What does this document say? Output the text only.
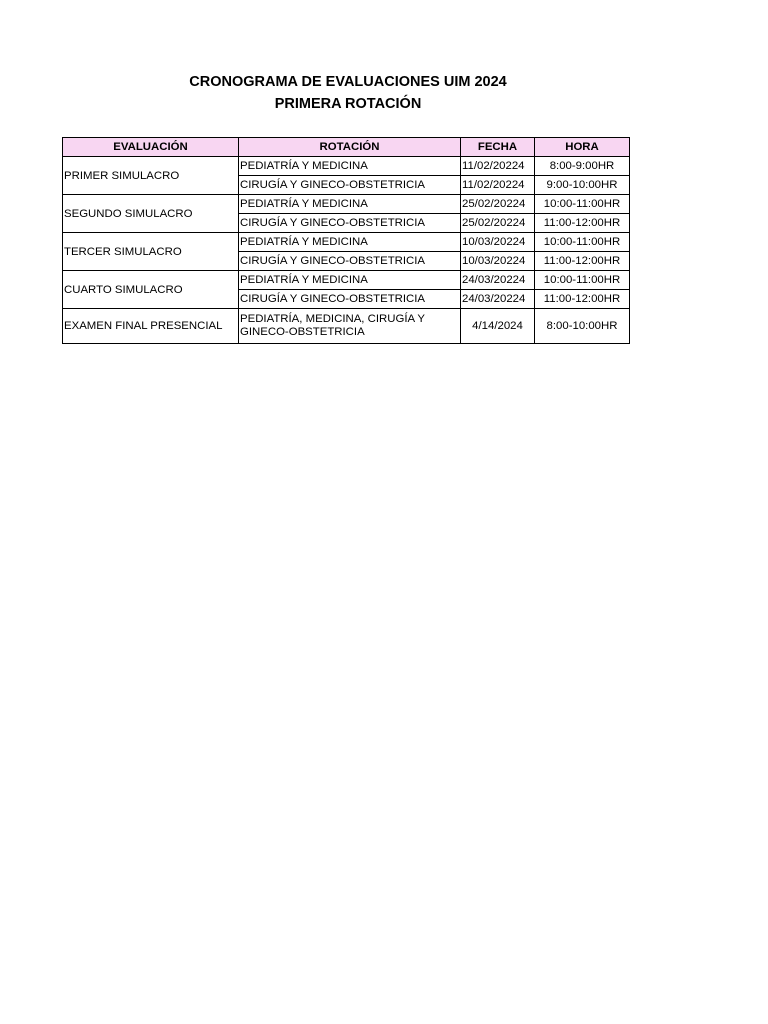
CRONOGRAMA DE EVALUACIONES UIM 2024
PRIMERA ROTACIÓN
EVALUACIÓN	ROTACIÓN	FECHA	HORA
PRIMER SIMULACRO	PEDIATRÍA Y MEDICINA	11/02/20224	8:00-9:00HR
	CIRUGÍA Y GINECO-OBSTETRICIA	11/02/20224	9:00-10:00HR
SEGUNDO SIMULACRO	PEDIATRÍA Y MEDICINA	25/02/20224	10:00-11:00HR
	CIRUGÍA Y GINECO-OBSTETRICIA	25/02/20224	11:00-12:00HR
TERCER SIMULACRO	PEDIATRÍA Y MEDICINA	10/03/20224	10:00-11:00HR
	CIRUGÍA Y GINECO-OBSTETRICIA	10/03/20224	11:00-12:00HR
CUARTO SIMULACRO	PEDIATRÍA Y MEDICINA	24/03/20224	10:00-11:00HR
	CIRUGÍA Y GINECO-OBSTETRICIA	24/03/20224	11:00-12:00HR
EXAMEN FINAL PRESENCIAL	PEDIATRÍA, MEDICINA, CIRUGÍA Y GINECO-OBSTETRICIA	4/14/2024	8:00-10:00HR
